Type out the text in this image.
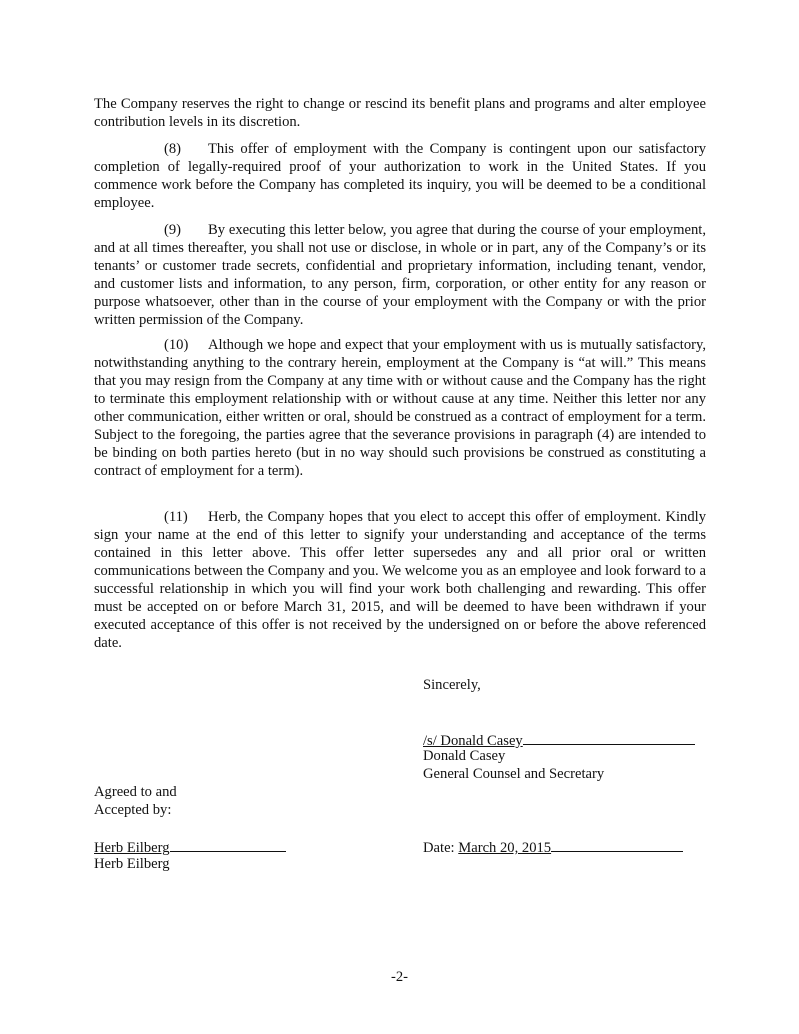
The Company reserves the right to change or rescind its benefit plans and programs and alter employee contribution levels in its discretion.

(8) This offer of employment with the Company is contingent upon our satisfactory completion of legally-required proof of your authorization to work in the United States. If you commence work before the Company has completed its inquiry, you will be deemed to be a conditional employee.

(9) By executing this letter below, you agree that during the course of your employment, and at all times thereafter, you shall not use or disclose, in whole or in part, any of the Company’s or its tenants’ or customer trade secrets, confidential and proprietary information, including tenant, vendor, and customer lists and information, to any person, firm, corporation, or other entity for any reason or purpose whatsoever, other than in the course of your employment with the Company or with the prior written permission of the Company.

(10) Although we hope and expect that your employment with us is mutually satisfactory, notwithstanding anything to the contrary herein, employment at the Company is “at will.” This means that you may resign from the Company at any time with or without cause and the Company has the right to terminate this employment relationship with or without cause at any time. Neither this letter nor any other communication, either written or oral, should be construed as a contract of employment for a term. Subject to the foregoing, the parties agree that the severance provisions in paragraph (4) are intended to be binding on both parties hereto (but in no way should such provisions be construed as constituting a contract of employment for a term).

(11) Herb, the Company hopes that you elect to accept this offer of employment. Kindly sign your name at the end of this letter to signify your understanding and acceptance of the terms contained in this letter above. This offer letter supersedes any and all prior oral or written communications between the Company and you. We welcome you as an employee and look forward to a successful relationship in which you will find your work both challenging and rewarding. This offer must be accepted on or before March 31, 2015, and will be deemed to have been withdrawn if your executed acceptance of this offer is not received by the undersigned on or before the above referenced date.

Sincerely,
/s/ Donald Casey
Donald Casey
General Counsel and Secretary
Agreed to and
Accepted by:
Herb Eilberg
Herb Eilberg
Date: March 20, 2015
-2-
